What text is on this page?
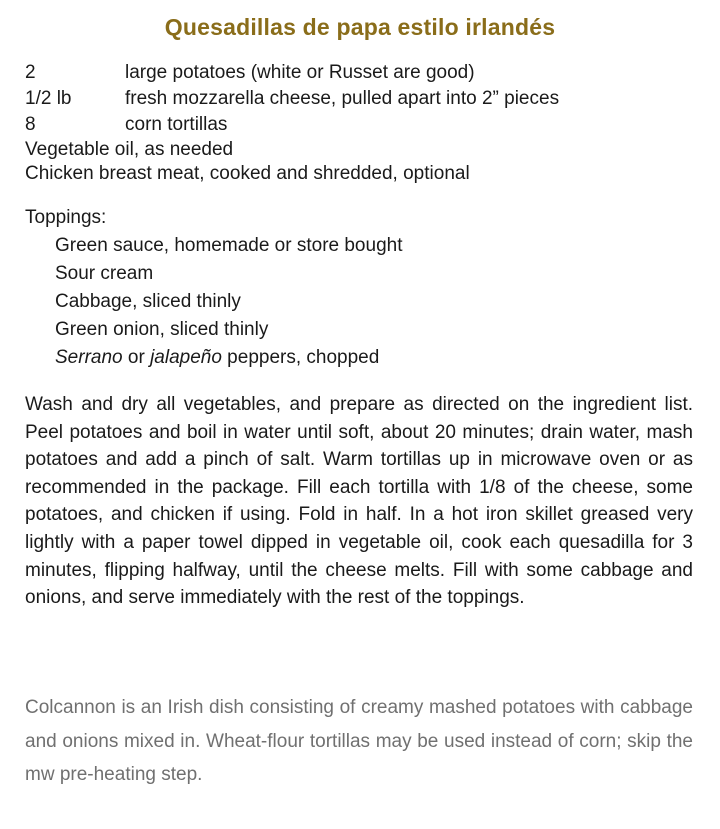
Quesadillas de papa estilo irlandés
2	large potatoes (white or Russet are good)
1/2 lb	fresh mozzarella cheese, pulled apart into 2” pieces
8	corn tortillas
Vegetable oil, as needed
Chicken breast meat, cooked and shredded, optional
Toppings:
Green sauce, homemade or store bought
Sour cream
Cabbage, sliced thinly
Green onion, sliced thinly
Serrano or jalapeño peppers, chopped
Wash and dry all vegetables, and prepare as directed on the ingredient list. Peel potatoes and boil in water until soft, about 20 minutes; drain water, mash potatoes and add a pinch of salt. Warm tortillas up in microwave oven or as recommended in the package. Fill each tortilla with 1/8 of the cheese, some potatoes, and chicken if using. Fold in half. In a hot iron skillet greased very lightly with a paper towel dipped in vegetable oil, cook each quesadilla for 3 minutes, flipping halfway, until the cheese melts. Fill with some cabbage and onions, and serve immediately with the rest of the toppings.
Colcannon is an Irish dish consisting of creamy mashed potatoes with cabbage and onions mixed in. Wheat-flour tortillas may be used instead of corn; skip the mw pre-heating step.
